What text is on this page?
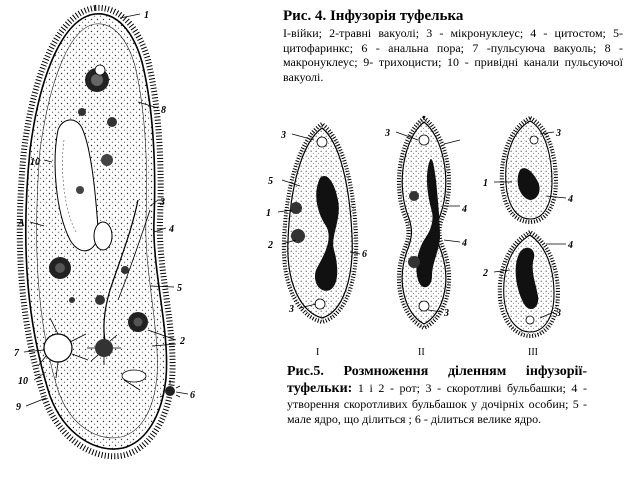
1
8
10
3
4
5
2
6
7
10
9
А
3
5
1
2
6
3
I
3
4
4
3
II
3
1
4
4
2
3
III
Рис. 4. Інфузорія туфелька
І-війки; 2-травні вакуолі; 3 - мікронуклеус; 4 - цитостом; 5-цитофаринкс; 6 - анальна пора; 7 -пульсуюча вакуоль; 8 - макронуклеус; 9- трихоцисти; 10 - привідні канали пульсуючої вакуолі.
Рис.5. Розмноження діленням інфузорії-туфельки: 1 і 2 - рот; 3 - скоротливі бульбашки; 4 - утворення скоротливих бульбашок у дочірніх особин; 5 - мале ядро, що ділиться ; 6 - ділиться велике ядро.
